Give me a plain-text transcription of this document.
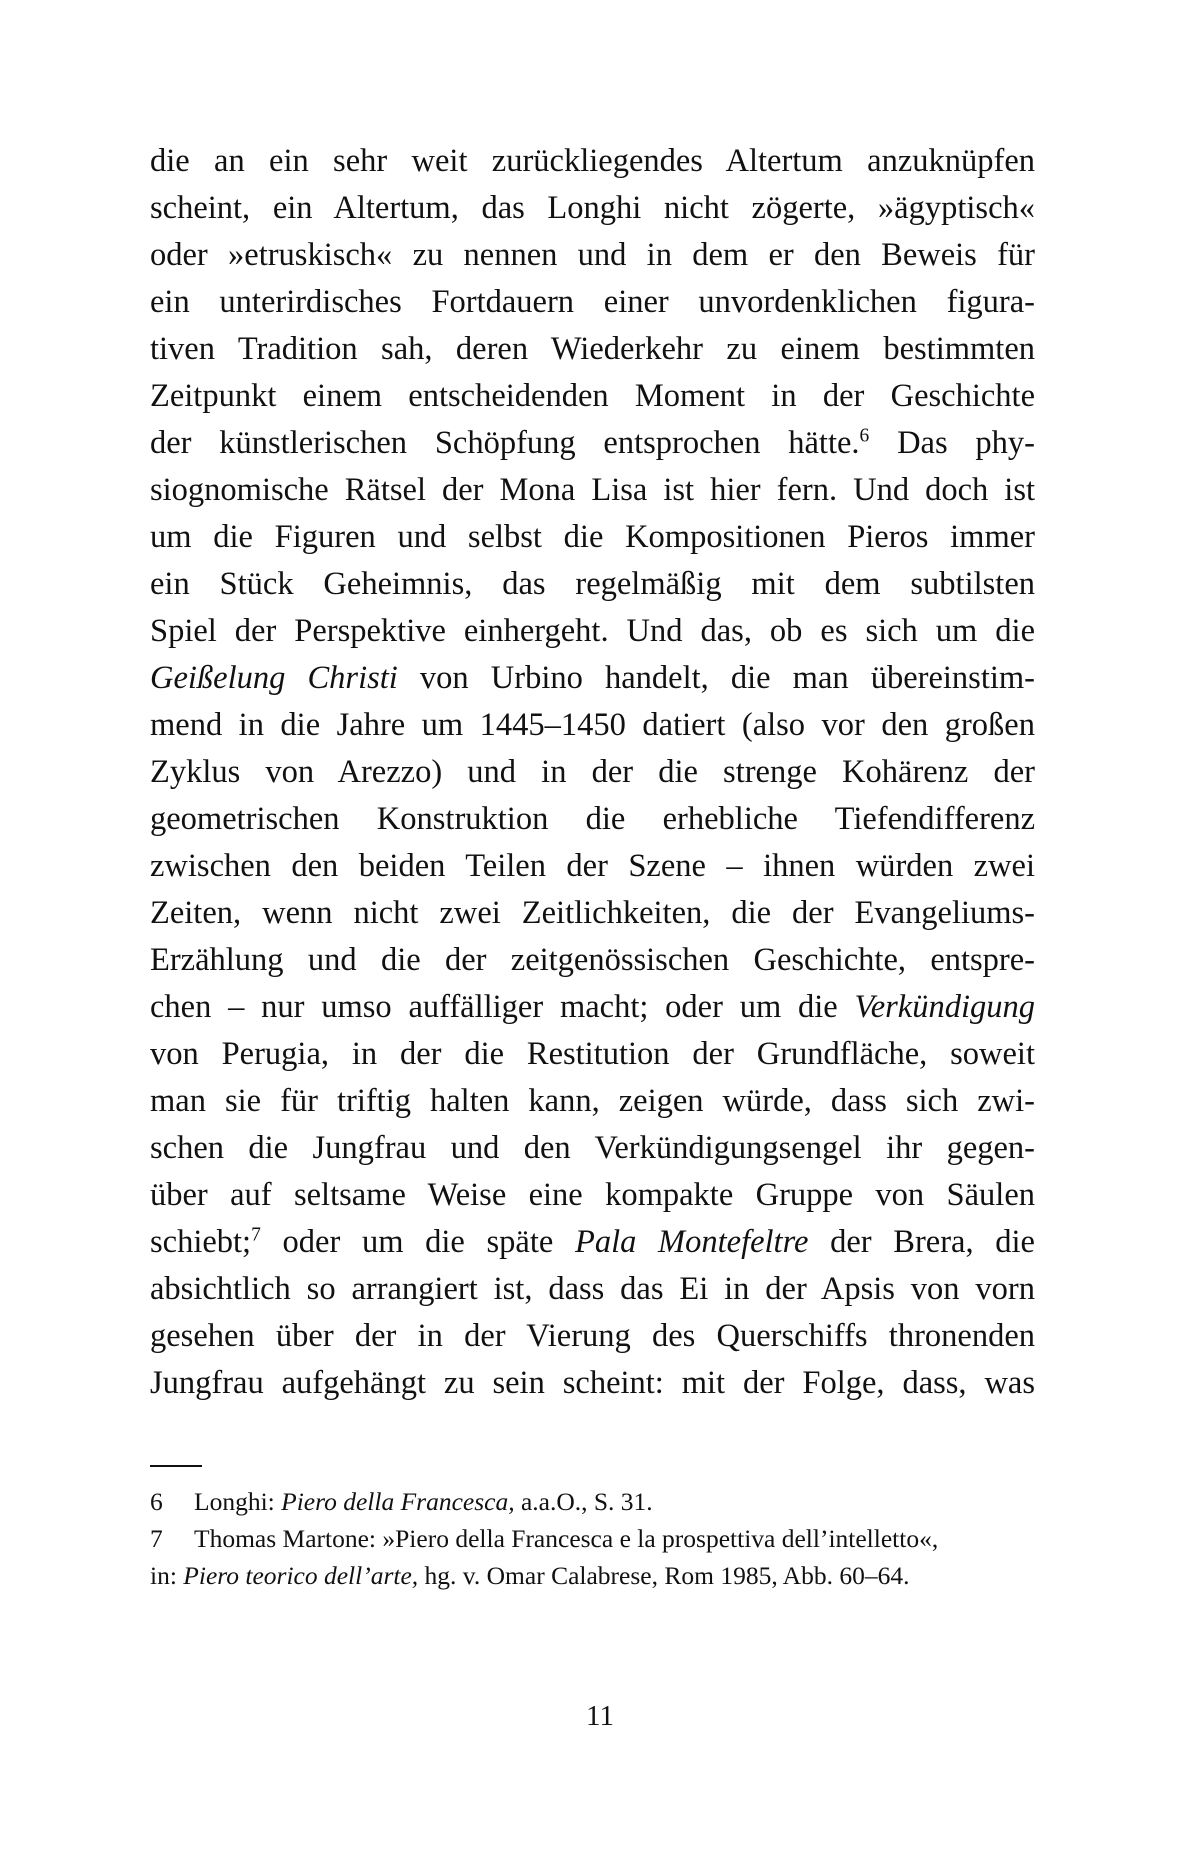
die an ein sehr weit zurückliegendes Altertum anzuknüpfen
scheint, ein Altertum, das Longhi nicht zögerte, »ägyptisch«
oder »etruskisch« zu nennen und in dem er den Beweis für
ein unterirdisches Fortdauern einer unvordenklichen figura-
tiven Tradition sah, deren Wiederkehr zu einem bestimmten
Zeitpunkt einem entscheidenden Moment in der Geschichte
der künstlerischen Schöpfung entsprochen hätte.$^6$ Das phy-
siognomische Rätsel der Mona Lisa ist hier fern. Und doch ist
um die Figuren und selbst die Kompositionen Pieros immer
ein Stück Geheimnis, das regelmäßig mit dem subtilsten
Spiel der Perspektive einhergeht. Und das, ob es sich um die
Geißelung Christi von Urbino handelt, die man übereinstim-
mend in die Jahre um 1445–1450 datiert (also vor den großen
Zyklus von Arezzo) und in der die strenge Kohärenz der
geometrischen Konstruktion die erhebliche Tiefendifferenz
zwischen den beiden Teilen der Szene – ihnen würden zwei
Zeiten, wenn nicht zwei Zeitlichkeiten, die der Evangeliums-
Erzählung und die der zeitgenössischen Geschichte, entspre-
chen – nur umso auffälliger macht; oder um die Verkündigung
von Perugia, in der die Restitution der Grundfläche, soweit
man sie für triftig halten kann, zeigen würde, dass sich zwi-
schen die Jungfrau und den Verkündigungsengel ihr gegen-
über auf seltsame Weise eine kompakte Gruppe von Säulen
schiebt;$^7$ oder um die späte Pala Montefeltre der Brera, die
absichtlich so arrangiert ist, dass das Ei in der Apsis von vorn
gesehen über der in der Vierung des Querschiffs thronenden
Jungfrau aufgehängt zu sein scheint: mit der Folge, dass, was
6 Longhi: Piero della Francesca, a.a.O., S. 31.
7 Thomas Martone: »Piero della Francesca e la prospettiva dell’intelletto«,
in: Piero teorico dell’arte, hg. v. Omar Calabrese, Rom 1985, Abb. 60–64.
11
